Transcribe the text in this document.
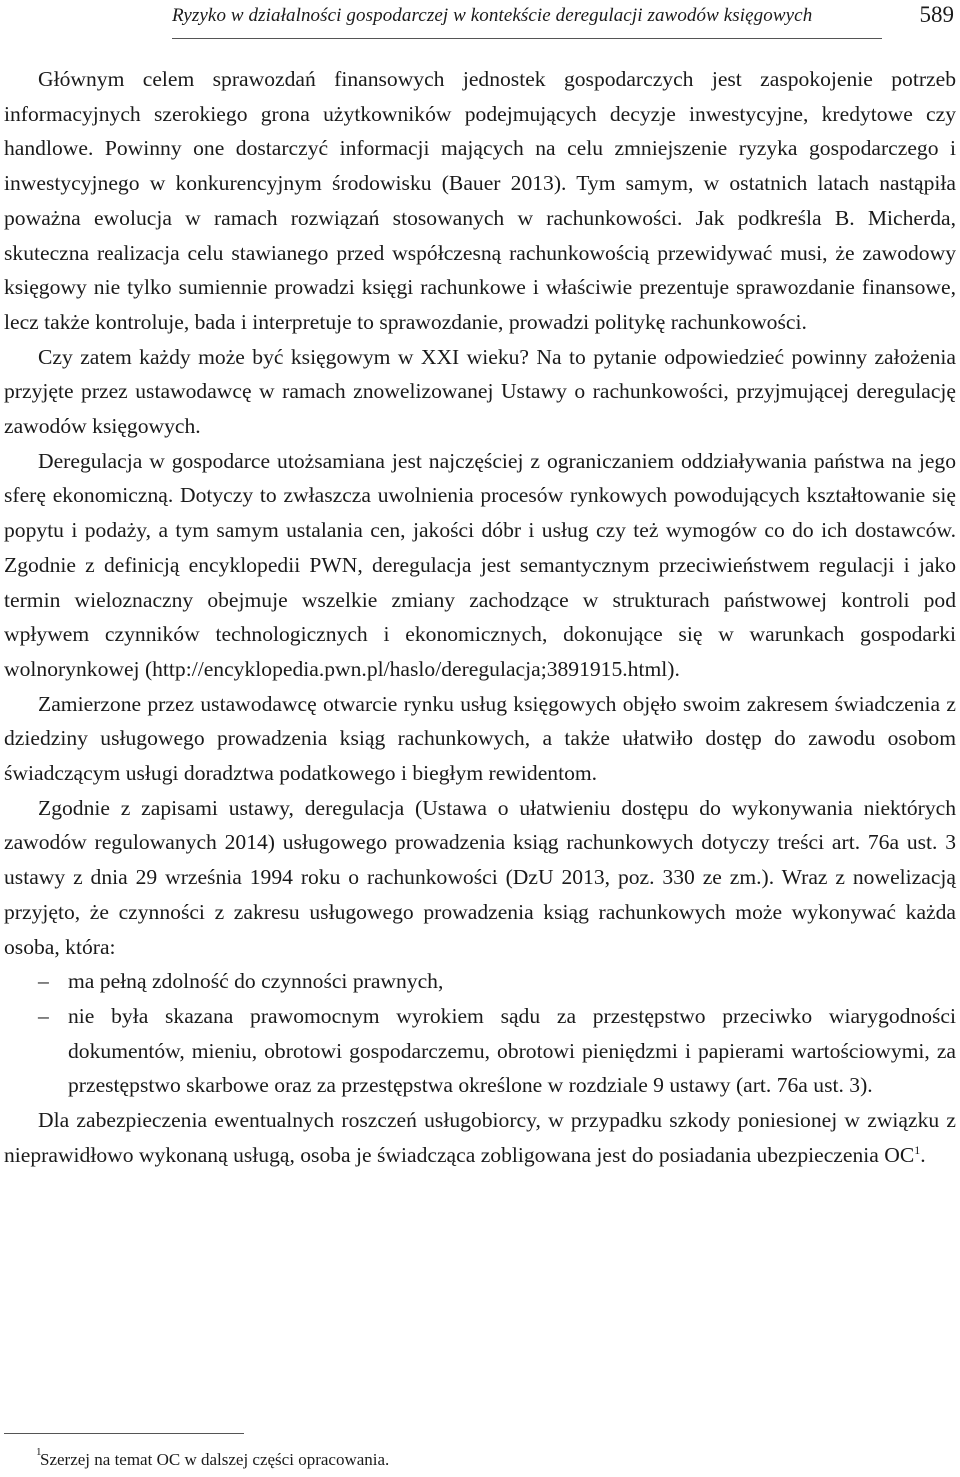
Ryzyko w działalności gospodarczej w kontekście deregulacji zawodów księgowych	589

Głównym celem sprawozdań finansowych jednostek gospodarczych jest zaspokojenie potrzeb informacyjnych szerokiego grona użytkowników podejmujących decyzje inwestycyjne, kredytowe czy handlowe. Powinny one dostarczyć informacji mających na celu zmniejszenie ryzyka gospodarczego i inwestycyjnego w konkurencyjnym środowisku (Bauer 2013). Tym samym, w ostatnich latach nastąpiła poważna ewolucja w ramach rozwiązań stosowanych w rachunkowości. Jak podkreśla B. Micherda, skuteczna realizacja celu stawianego przed współczesną rachunkowością przewidywać musi, że zawodowy księgowy nie tylko sumiennie prowadzi księgi rachunkowe i właściwie prezentuje sprawozdanie finansowe, lecz także kontroluje, bada i interpretuje to sprawozdanie, prowadzi politykę rachunkowości.

Czy zatem każdy może być księgowym w XXI wieku? Na to pytanie odpowiedzieć powinny założenia przyjęte przez ustawodawcę w ramach znowelizowanej Ustawy o rachunkowości, przyjmującej deregulację zawodów księgowych.

Deregulacja w gospodarce utożsamiana jest najczęściej z ograniczaniem oddziaływania państwa na jego sferę ekonomiczną. Dotyczy to zwłaszcza uwolnienia procesów rynkowych powodujących kształtowanie się popytu i podaży, a tym samym ustalania cen, jakości dóbr i usług czy też wymogów co do ich dostawców. Zgodnie z definicją encyklopedii PWN, deregulacja jest semantycznym przeciwieństwem regulacji i jako termin wieloznaczny obejmuje wszelkie zmiany zachodzące w strukturach państwowej kontroli pod wpływem czynników technologicznych i ekonomicznych, dokonujące się w warunkach gospodarki wolnorynkowej (http://encyklopedia.pwn.pl/haslo/deregulacja;3891915.html).

Zamierzone przez ustawodawcę otwarcie rynku usług księgowych objęło swoim zakresem świadczenia z dziedziny usługowego prowadzenia ksiąg rachunkowych, a także ułatwiło dostęp do zawodu osobom świadczącym usługi doradztwa podatkowego i biegłym rewidentom.

Zgodnie z zapisami ustawy, deregulacja (Ustawa o ułatwieniu dostępu do wykonywania niektórych zawodów regulowanych 2014) usługowego prowadzenia ksiąg rachunkowych dotyczy treści art. 76a ust. 3 ustawy z dnia 29 września 1994 roku o rachunkowości (DzU 2013, poz. 330 ze zm.). Wraz z nowelizacją przyjęto, że czynności z zakresu usługowego prowadzenia ksiąg rachunkowych może wykonywać każda osoba, która:

– ma pełną zdolność do czynności prawnych,
– nie była skazana prawomocnym wyrokiem sądu za przestępstwo przeciwko wiarygodności dokumentów, mieniu, obrotowi gospodarczemu, obrotowi pieniędzmi i papierami wartościowymi, za przestępstwo skarbowe oraz za przestępstwa określone w rozdziale 9 ustawy (art. 76a ust. 3).

Dla zabezpieczenia ewentualnych roszczeń usługobiorcy, w przypadku szkody poniesionej w związku z nieprawidłowo wykonaną usługą, osoba je świadcząca zobligowana jest do posiadania ubezpieczenia $OC^1$.

1
Szerzej na temat OC w dalszej części opracowania.
